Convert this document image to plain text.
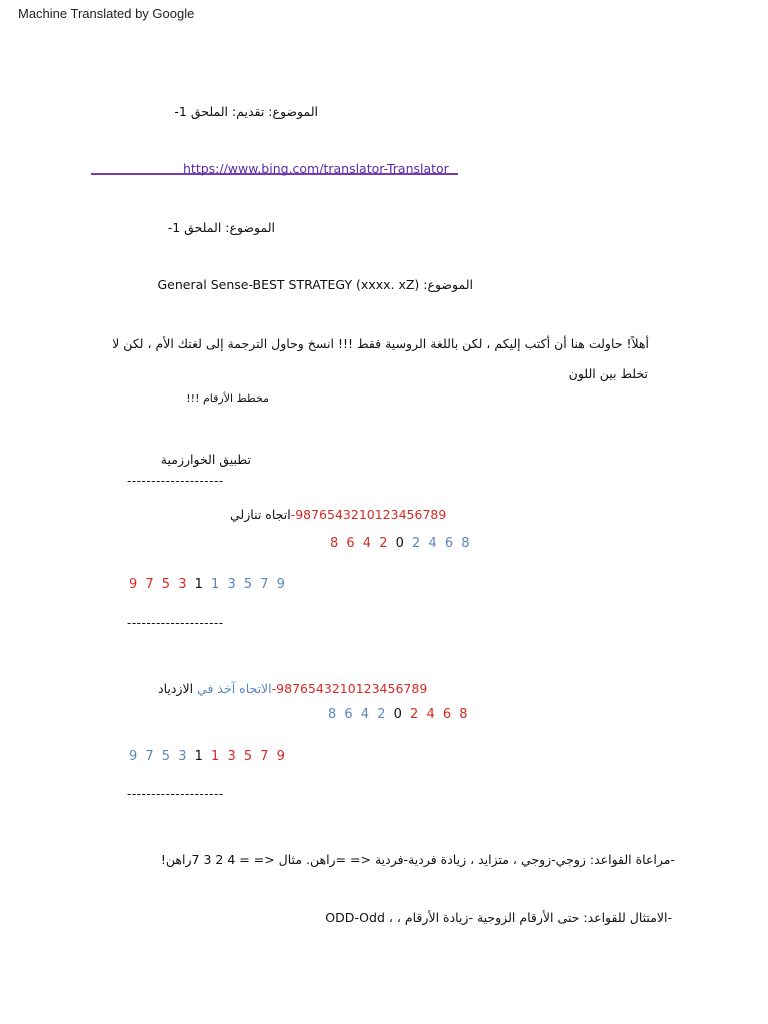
Machine Translated by Google
الموضوع: تقديم: الملحق 1-
https://www.bing.com/translator-Translator
الموضوع: الملحق 1-
الموضوع: General Sense-BEST STRATEGY (xxxx. xZ)
أهلاً! حاولت هنا أن أكتب إليكم ، لكن باللغة الروسية فقط !!! انسخ وحاول الترجمة إلى لغتك الأم ، لكن لا
تخلط بين اللون
مخطط الأرقام !!!
تطبيق الخوارزمية
--------------------
اتجاه تنازلي-9876543210123456789
8 6 4 2 0 2 4 6 8
9 7 5 3 1 1 3 5 7 9
--------------------
الازدياد الاتجاه آخذ في-9876543210123456789
8 6 4 2 0 2 4 6 8
9 7 5 3 1 1 3 5 7 9
--------------------
-مراعاة القواعد: زوجي-زوجي ، متزايد ، زيادة فردية-فردية <= =راهن. مثال <= = 4 2 3 7راهن!
-الامتثال للقواعد: حتى الأرقام الزوجية -زيادة الأرقام ، ، ODD-Odd
